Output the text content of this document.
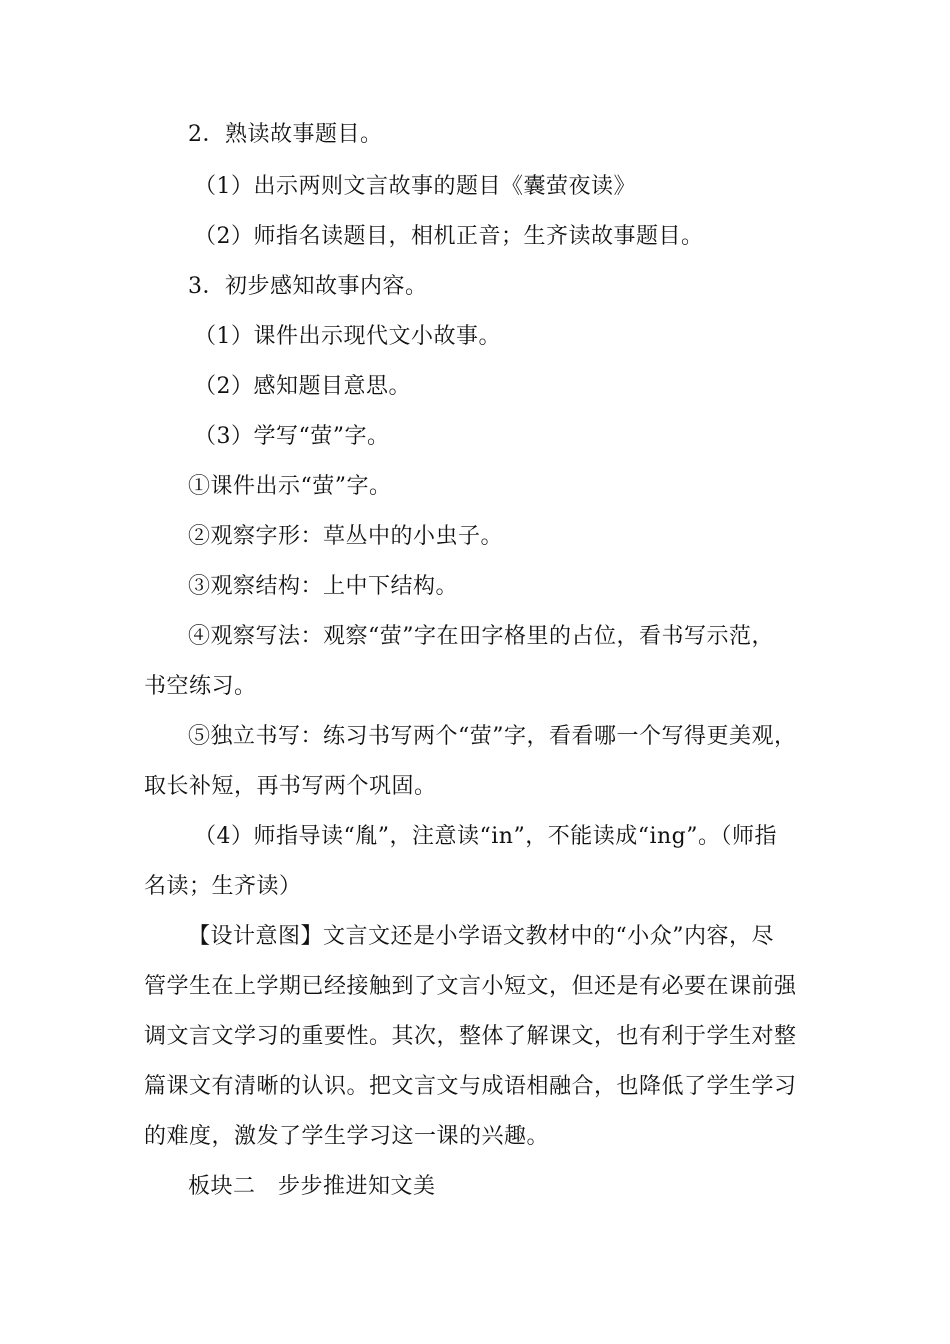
2．熟读故事题目。
（1）出示两则文言故事的题目《囊萤夜读》
（2）师指名读题目，相机正音；生齐读故事题目。
3．初步感知故事内容。
（1）课件出示现代文小故事。
（2）感知题目意思。
（3）学写“萤”字。
①课件出示“萤”字。
②观察字形：草丛中的小虫子。
③观察结构：上中下结构。
④观察写法：观察“萤”字在田字格里的占位，看书写示范，
书空练习。
⑤独立书写：练习书写两个“萤”字，看看哪一个写得更美观，
取长补短，再书写两个巩固。
（4）师指导读“胤”，注意读“in”，不能读成“ing”。（师指
名读；生齐读）
【设计意图】文言文还是小学语文教材中的“小众”内容，尽
管学生在上学期已经接触到了文言小短文，但还是有必要在课前强
调文言文学习的重要性。其次，整体了解课文，也有利于学生对整
篇课文有清晰的认识。把文言文与成语相融合，也降低了学生学习
的难度，激发了学生学习这一课的兴趣。
板块二　步步推进知文美
